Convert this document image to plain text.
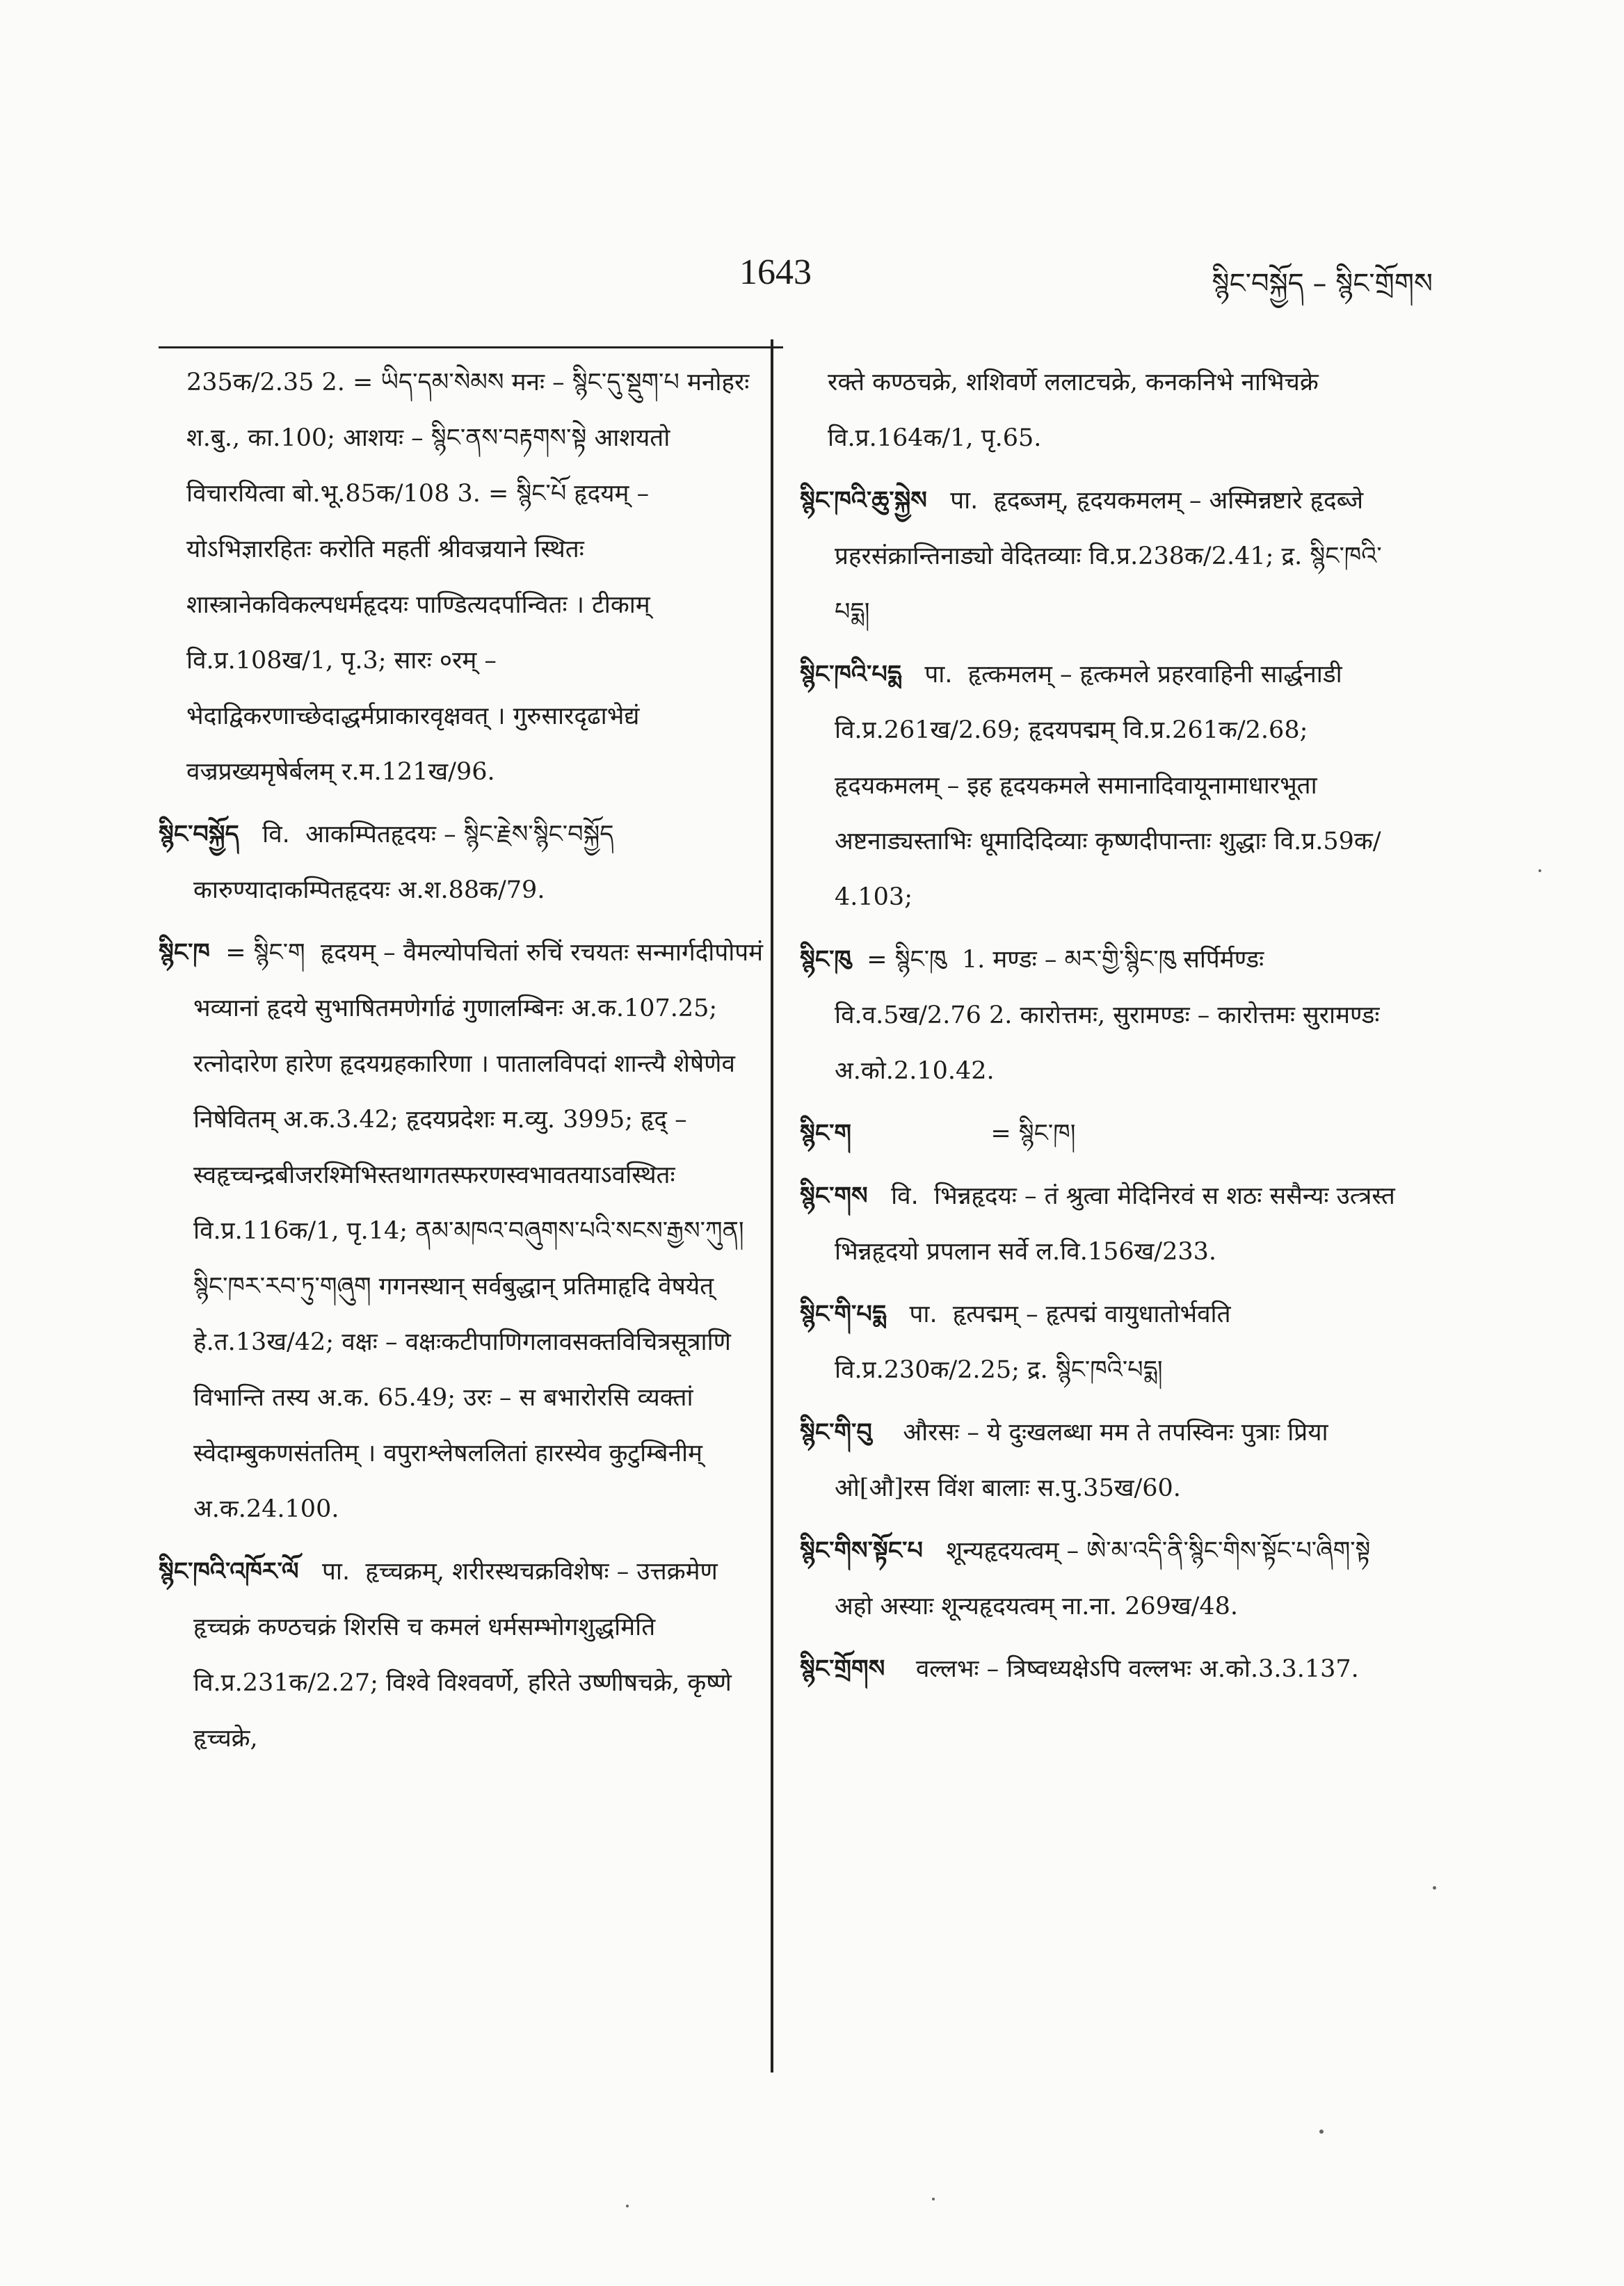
1643	སྙིང་བསྐྱོད – སྙིང་གྲོགས

235क/2.35 2. = ཡིད་དམ་སེམས मनः – སྙིང་དུ་སྡུག་པ मनोहरः श.बु., का.100; आशयः – སྙིང་ནས་བརྟགས་སྟེ आशयतो विचारयित्वा बो.भू.85क/108 3. = སྙིང་པོ हृदयम् – योऽभिज्ञारहितः करोति महतीं श्रीवज्रयाने स्थितः शास्त्रानेकविकल्पधर्महृदयः पाण्डित्यदर्पान्वितः । टीकाम् वि.प्र.108ख/1, पृ.3; सारः ०रम् – भेदाद्विकरणाच्छेदाद्धर्मप्राकारवृक्षवत् । गुरुसारदृढाभेद्यं वज्रप्रख्यमृषेर्बलम् र.म.121ख/96.

སྙིང་བསྐྱོད वि. आकम्पितहृदयः – སྙིང་རྗེས་སྙིང་བསྐྱོད कारुण्यादाकम्पितहृदयः अ.श.88क/79.

སྙིང་ཁ = སྙིང་ག हृदयम् – वैमल्योपचितां रुचिं रचयतः सन्मार्गदीपोपमं भव्यानां हृदये सुभाषितमणेर्गाढं गुणालम्बिनः अ.क.107.25; रत्नोदारेण हारेण हृदयग्रहकारिणा । पातालविपदां शान्त्यै शेषेणेव निषेवितम् अ.क.3.42; हृदयप्रदेशः म.व्यु. 3995; हृद् – स्वहृच्चन्द्रबीजरश्मिभिस्तथागतस्फरणस्वभावतयाऽवस्थितः वि.प्र.116क/1, पृ.14; ནམ་མཁའ་བཞུགས་པའི་སངས་རྒྱས་ཀུན། སྙིང་ཁར་རབ་ཏུ་གཞུག गगनस्थान् सर्वबुद्धान् प्रतिमाहृदि वेषयेत् हे.त.13ख/42; वक्षः – वक्षःकटीपाणिगलावसक्तविचित्रसूत्राणि विभान्ति तस्य अ.क. 65.49; उरः – स बभारोरसि व्यक्तां स्वेदाम्बुकणसंततिम् । वपुराश्लेषललितां हारस्येव कुटुम्बिनीम् अ.क.24.100.

སྙིང་ཁའི་འཁོར་ལོ पा. हृच्चक्रम्, शरीरस्थचक्रविशेषः – उत्तक्रमेण हृच्चक्रं कण्ठचक्रं शिरसि च कमलं धर्मसम्भोगशुद्धमिति वि.प्र.231क/2.27; विश्वे विश्ववर्णे, हरिते उष्णीषचक्रे, कृष्णे हृच्चक्रे,

रक्ते कण्ठचक्रे, शशिवर्णे ललाटचक्रे, कनकनिभे नाभिचक्रे वि.प्र.164क/1, पृ.65.

སྙིང་ཁའི་ཆུ་སྐྱེས पा. हृदब्जम्, हृदयकमलम् – अस्मिन्नष्टारे हृदब्जे प्रहरसंक्रान्तिनाड्यो वेदितव्याः वि.प्र.238क/2.41; द्र. སྙིང་ཁའི་པདྨ།

སྙིང་ཁའི་པདྨ पा. हृत्कमलम् – हृत्कमले प्रहरवाहिनी सार्द्धनाडी वि.प्र.261ख/2.69; हृदयपद्मम् वि.प्र.261क/2.68; हृदयकमलम् – इह हृदयकमले समानादिवायूनामाधारभूता अष्टनाड्यस्ताभिः धूमादिदिव्याः कृष्णदीपान्ताः शुद्धाः वि.प्र.59क/ 4.103;

སྙིང་ཁུ = སྙིང་ཁུ 1. मण्डः – མར་གྱི་སྙིང་ཁུ सर्पिर्मण्डः वि.व.5ख/2.76 2. कारोत्तमः, सुरामण्डः – कारोत्तमः सुरामण्डः अ.को.2.10.42.

སྙིང་ག	= སྙིང་ཁ།

སྙིང་གས वि. भिन्नहृदयः – तं श्रुत्वा मेदिनिरवं स शठः ससैन्यः उत्त्रस्त भिन्नहृदयो प्रपलान सर्वे ल.वि.156ख/233.

སྙིང་གི་པདྨ पा. हृत्पद्मम् – हृत्पद्मं वायुधातोर्भवति वि.प्र.230क/2.25; द्र. སྙིང་ཁའི་པདྨ།

སྙིང་གི་བུ औरसः – ये दुःखलब्धा मम ते तपस्विनः पुत्राः प्रिया ओ[औ]रस विंश बालाः स.पु.35ख/60.

སྙིང་གིས་སྟོང་པ शून्यहृदयत्वम् – ཨེ་མ་འདི་ནི་སྙིང་གིས་སྟོང་པ་ཞིག་སྟེ अहो अस्याः शून्यहृदयत्वम् ना.ना. 269ख/48.

སྙིང་གྲོགས वल्लभः – त्रिष्वध्यक्षेऽपि वल्लभः अ.को.3.3.137.
